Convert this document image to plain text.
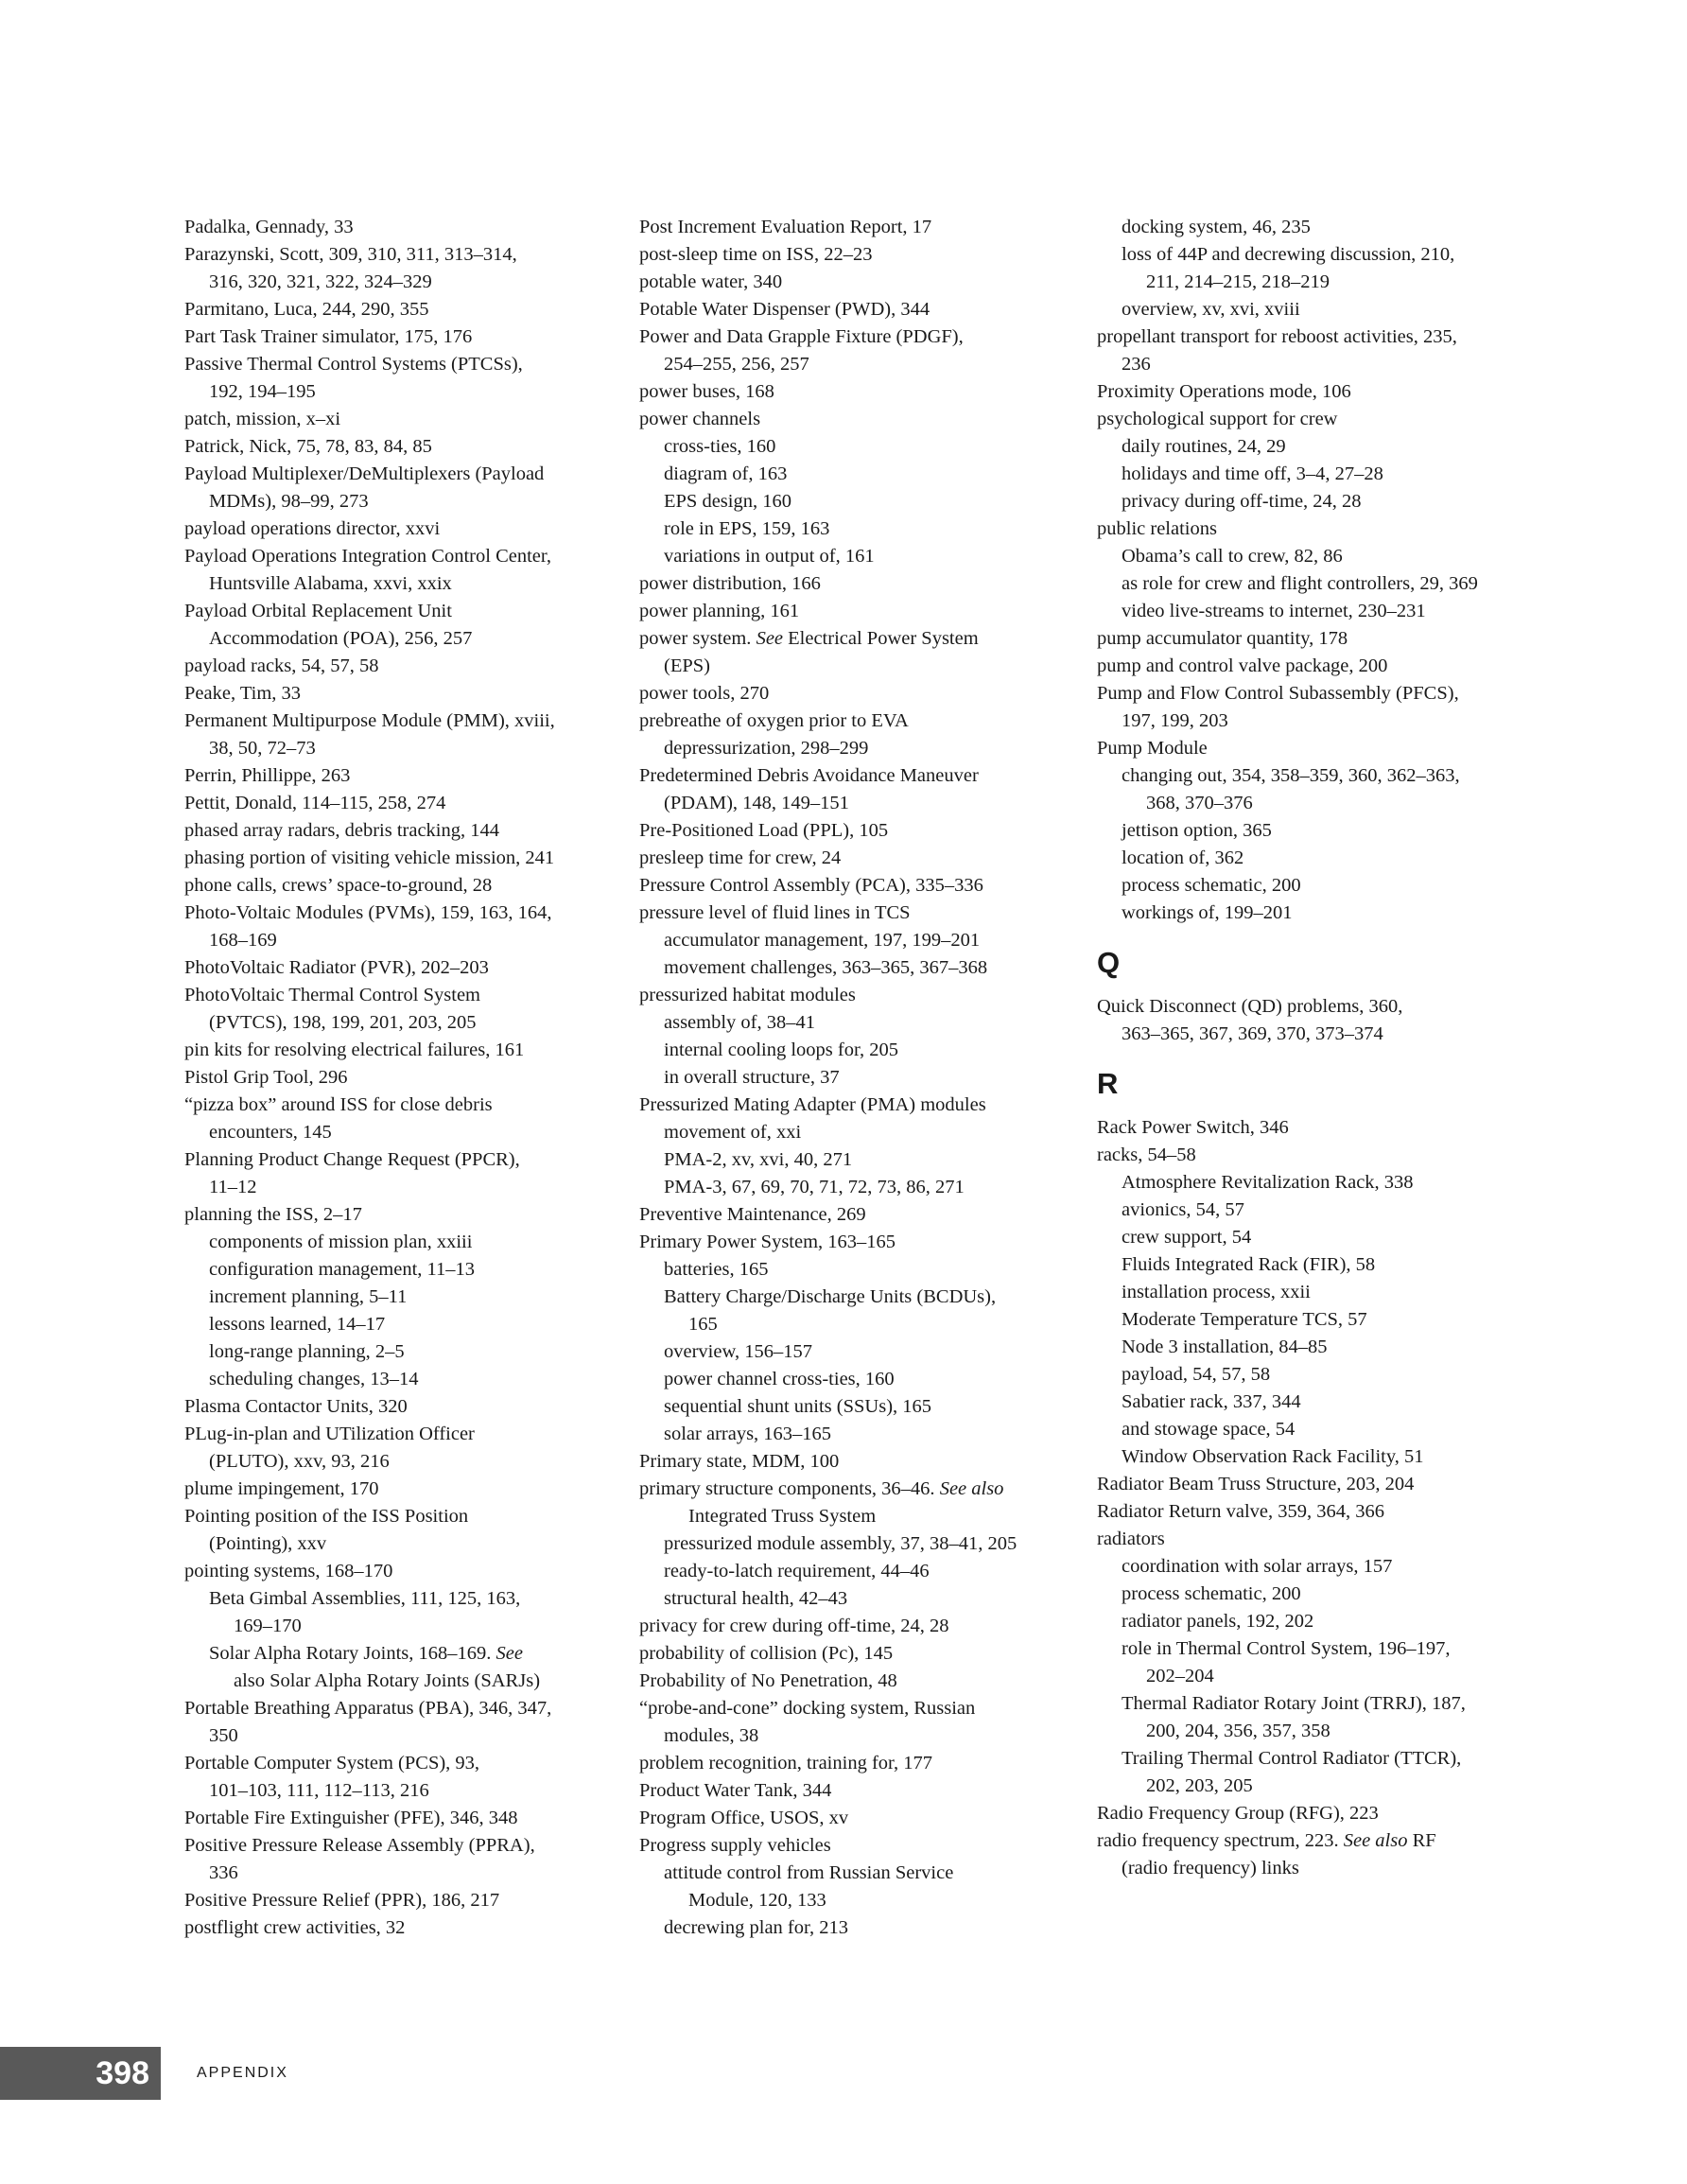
Padalka, Gennady, 33
Parazynski, Scott, 309, 310, 311, 313–314,
316, 320, 321, 322, 324–329
Parmitano, Luca, 244, 290, 355
Part Task Trainer simulator, 175, 176
Passive Thermal Control Systems (PTCSs),
192, 194–195
patch, mission, x–xi
Patrick, Nick, 75, 78, 83, 84, 85
Payload Multiplexer/DeMultiplexers (Payload
MDMs), 98–99, 273
payload operations director, xxvi
Payload Operations Integration Control Center,
Huntsville Alabama, xxvi, xxix
Payload Orbital Replacement Unit
Accommodation (POA), 256, 257
payload racks, 54, 57, 58
Peake, Tim, 33
Permanent Multipurpose Module (PMM), xviii,
38, 50, 72–73
Perrin, Phillippe, 263
Pettit, Donald, 114–115, 258, 274
phased array radars, debris tracking, 144
phasing portion of visiting vehicle mission, 241
phone calls, crews’ space-to-ground, 28
Photo-Voltaic Modules (PVMs), 159, 163, 164,
168–169
PhotoVoltaic Radiator (PVR), 202–203
PhotoVoltaic Thermal Control System
(PVTCS), 198, 199, 201, 203, 205
pin kits for resolving electrical failures, 161
Pistol Grip Tool, 296
“pizza box” around ISS for close debris
encounters, 145
Planning Product Change Request (PPCR),
11–12
planning the ISS, 2–17
components of mission plan, xxiii
configuration management, 11–13
increment planning, 5–11
lessons learned, 14–17
long-range planning, 2–5
scheduling changes, 13–14
Plasma Contactor Units, 320
PLug-in-plan and UTilization Officer
(PLUTO), xxv, 93, 216
plume impingement, 170
Pointing position of the ISS Position
(Pointing), xxv
pointing systems, 168–170
Beta Gimbal Assemblies, 111, 125, 163,
169–170
Solar Alpha Rotary Joints, 168–169. See
also Solar Alpha Rotary Joints (SARJs)
Portable Breathing Apparatus (PBA), 346, 347,
350
Portable Computer System (PCS), 93,
101–103, 111, 112–113, 216
Portable Fire Extinguisher (PFE), 346, 348
Positive Pressure Release Assembly (PPRA),
336
Positive Pressure Relief (PPR), 186, 217
postflight crew activities, 32
Post Increment Evaluation Report, 17
post-sleep time on ISS, 22–23
potable water, 340
Potable Water Dispenser (PWD), 344
Power and Data Grapple Fixture (PDGF),
254–255, 256, 257
power buses, 168
power channels
cross-ties, 160
diagram of, 163
EPS design, 160
role in EPS, 159, 163
variations in output of, 161
power distribution, 166
power planning, 161
power system. See Electrical Power System
(EPS)
power tools, 270
prebreathe of oxygen prior to EVA
depressurization, 298–299
Predetermined Debris Avoidance Maneuver
(PDAM), 148, 149–151
Pre-Positioned Load (PPL), 105
presleep time for crew, 24
Pressure Control Assembly (PCA), 335–336
pressure level of fluid lines in TCS
accumulator management, 197, 199–201
movement challenges, 363–365, 367–368
pressurized habitat modules
assembly of, 38–41
internal cooling loops for, 205
in overall structure, 37
Pressurized Mating Adapter (PMA) modules
movement of, xxi
PMA-2, xv, xvi, 40, 271
PMA-3, 67, 69, 70, 71, 72, 73, 86, 271
Preventive Maintenance, 269
Primary Power System, 163–165
batteries, 165
Battery Charge/Discharge Units (BCDUs),
165
overview, 156–157
power channel cross-ties, 160
sequential shunt units (SSUs), 165
solar arrays, 163–165
Primary state, MDM, 100
primary structure components, 36–46. See also
Integrated Truss System
pressurized module assembly, 37, 38–41, 205
ready-to-latch requirement, 44–46
structural health, 42–43
privacy for crew during off-time, 24, 28
probability of collision (Pc), 145
Probability of No Penetration, 48
“probe-and-cone” docking system, Russian
modules, 38
problem recognition, training for, 177
Product Water Tank, 344
Program Office, USOS, xv
Progress supply vehicles
attitude control from Russian Service
Module, 120, 133
decrewing plan for, 213
docking system, 46, 235
loss of 44P and decrewing discussion, 210,
211, 214–215, 218–219
overview, xv, xvi, xviii
propellant transport for reboost activities, 235,
236
Proximity Operations mode, 106
psychological support for crew
daily routines, 24, 29
holidays and time off, 3–4, 27–28
privacy during off-time, 24, 28
public relations
Obama’s call to crew, 82, 86
as role for crew and flight controllers, 29, 369
video live-streams to internet, 230–231
pump accumulator quantity, 178
pump and control valve package, 200
Pump and Flow Control Subassembly (PFCS),
197, 199, 203
Pump Module
changing out, 354, 358–359, 360, 362–363,
368, 370–376
jettison option, 365
location of, 362
process schematic, 200
workings of, 199–201
Q
Quick Disconnect (QD) problems, 360,
363–365, 367, 369, 370, 373–374
R
Rack Power Switch, 346
racks, 54–58
Atmosphere Revitalization Rack, 338
avionics, 54, 57
crew support, 54
Fluids Integrated Rack (FIR), 58
installation process, xxii
Moderate Temperature TCS, 57
Node 3 installation, 84–85
payload, 54, 57, 58
Sabatier rack, 337, 344
and stowage space, 54
Window Observation Rack Facility, 51
Radiator Beam Truss Structure, 203, 204
Radiator Return valve, 359, 364, 366
radiators
coordination with solar arrays, 157
process schematic, 200
radiator panels, 192, 202
role in Thermal Control System, 196–197,
202–204
Thermal Radiator Rotary Joint (TRRJ), 187,
200, 204, 356, 357, 358
Trailing Thermal Control Radiator (TTCR),
202, 203, 205
Radio Frequency Group (RFG), 223
radio frequency spectrum, 223. See also RF
(radio frequency) links
398	APPENDIX
